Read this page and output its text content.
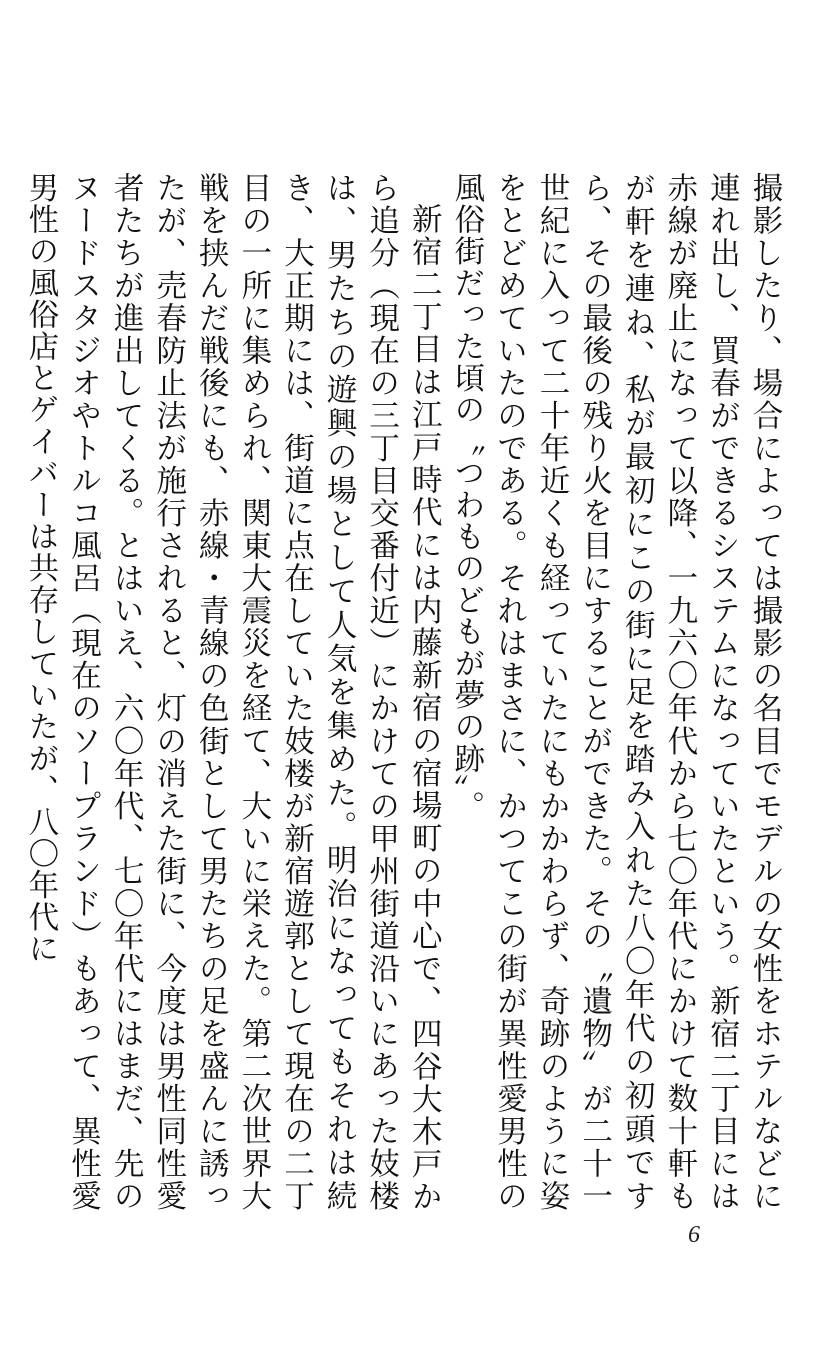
撮影したり、場合によっては撮影の名目でモデルの女性をホテルなどに連れ出し、買春ができるシステムになっていたという。新宿二丁目には赤線が廃止になって以降、一九六〇年代から七〇年代にかけて数十軒もが軒を連ね、私が最初にこの街に足を踏み入れた八〇年代の初頭ですら、その最後の残り火を目にすることができた。その〝遺物〟が二十一世紀に入って二十年近くも経っていたにもかかわらず、奇跡のように姿をとどめていたのである。それはまさに、かつてこの街が異性愛男性の風俗街だった頃の〝つわものどもが夢の跡〟。

新宿二丁目は江戸時代には内藤新宿の宿場町の中心で、四谷大木戸から追分（現在の三丁目交番付近）にかけての甲州街道沿いにあった妓楼は、男たちの遊興の場として人気を集めた。明治になってもそれは続き、大正期には、街道に点在していた妓楼が新宿遊郭として現在の二丁目の一所に集められ、関東大震災を経て、大いに栄えた。第二次世界大戦を挟んだ戦後にも、赤線・青線の色街として男たちの足を盛んに誘ったが、売春防止法が施行されると、灯の消えた街に、今度は男性同性愛者たちが進出してくる。とはいえ、六〇年代、七〇年代にはまだ、先のヌードスタジオやトルコ風呂（現在のソープランド）もあって、異性愛男性の風俗店とゲイバーは共存していたが、八〇年代に

6
